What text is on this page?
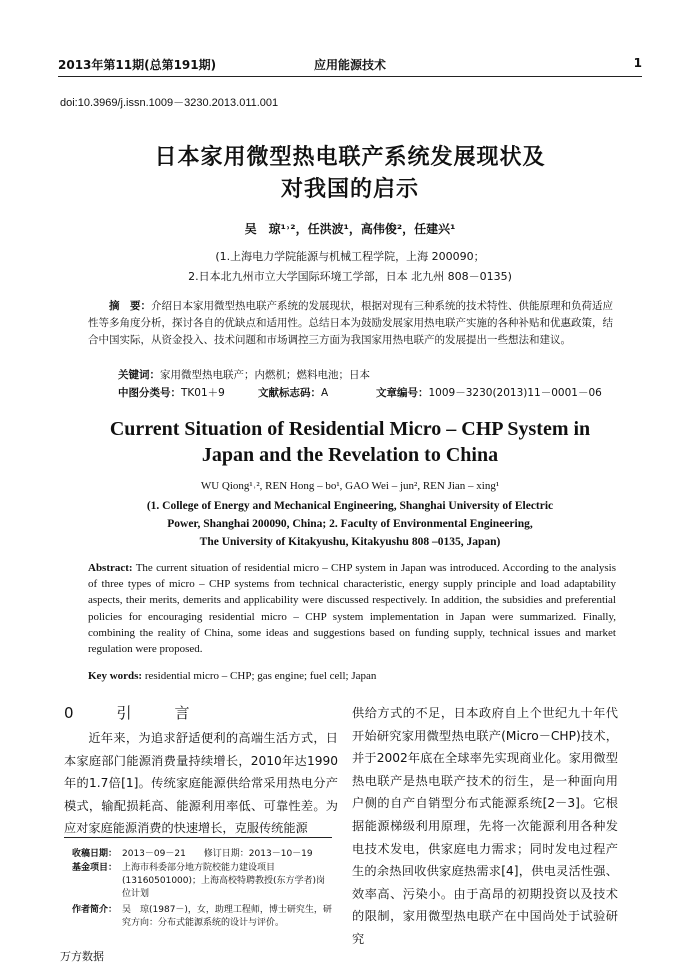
2013年第11期(总第191期)	应用能源技术	1
doi:10.3969/j.issn.1009－3230.2013.011.001
日本家用微型热电联产系统发展现状及
对我国的启示
吴　琼¹˒²，任洪波¹，高伟俊²，任建兴¹
(1.上海电力学院能源与机械工程学院，上海 200090；
2.日本北九州市立大学国际环境工学部，日本 北九州 808－0135)
摘　要：介绍日本家用微型热电联产系统的发展现状，根据对现有三种系统的技术特性、供能原理和负荷适应性等多角度分析，探讨各自的优缺点和适用性。总结日本为鼓励发展家用热电联产实施的各种补贴和优惠政策，结合中国实际，从资金投入、技术问题和市场调控三方面为我国家用热电联产的发展提出一些想法和建议。
关键词：家用微型热电联产；内燃机；燃料电池；日本
中图分类号：TK01＋9	文献标志码：A	文章编号：1009－3230(2013)11－0001－06
Current Situation of Residential Micro – CHP System in
Japan and the Revelation to China
WU Qiong¹˒², REN Hong – bo¹, GAO Wei – jun², REN Jian – xing¹
(1. College of Energy and Mechanical Engineering, Shanghai University of Electric
Power, Shanghai 200090, China; 2. Faculty of Environmental Engineering,
The University of Kitakyushu, Kitakyushu 808 –0135, Japan)
Abstract: The current situation of residential micro – CHP system in Japan was introduced. According to the analysis of three types of micro – CHP systems from technical characteristic, energy supply principle and load adaptability aspects, their merits, demerits and applicability were discussed respectively. In addition, the subsidies and preferential policies for encouraging residential micro – CHP system implementation in Japan were summarized. Finally, combining the reality of China, some ideas and suggestions based on funding supply, technical issues and market regulation were proposed.
Key words: residential micro – CHP; gas engine; fuel cell; Japan
0　引　言
近年来，为追求舒适便利的高端生活方式，日本家庭部门能源消费量持续增长，2010年达1990年的1.7倍[1]。传统家庭能源供给常采用热电分产模式，输配损耗高、能源利用率低、可靠性差。为应对家庭能源消费的快速增长，克服传统能源
供给方式的不足，日本政府自上个世纪九十年代开始研究家用微型热电联产(Micro－CHP)技术，并于2002年底在全球率先实现商业化。家用微型热电联产是热电联产技术的衍生，是一种面向用户侧的自产自销型分布式能源系统[2－3]。它根据能源梯级利用原理，先将一次能源利用各种发电技术发电，供家庭电力需求；同时发电过程产生的余热回收供家庭热需求[4]，供电灵活性强、效率高、污染小。由于高昂的初期投资以及技术的限制，家用微型热电联产在中国尚处于试验研究
收稿日期： 2013－09－21　　修订日期：2013－10－19
基金项目： 上海市科委部分地方院校能力建设项目(13160501000)；上海高校特聘教授(东方学者)岗位计划
作者简介： 吴　琼(1987－)，女，助理工程师，博士研究生，研究方向：分布式能源系统的设计与评价。
万方数据
